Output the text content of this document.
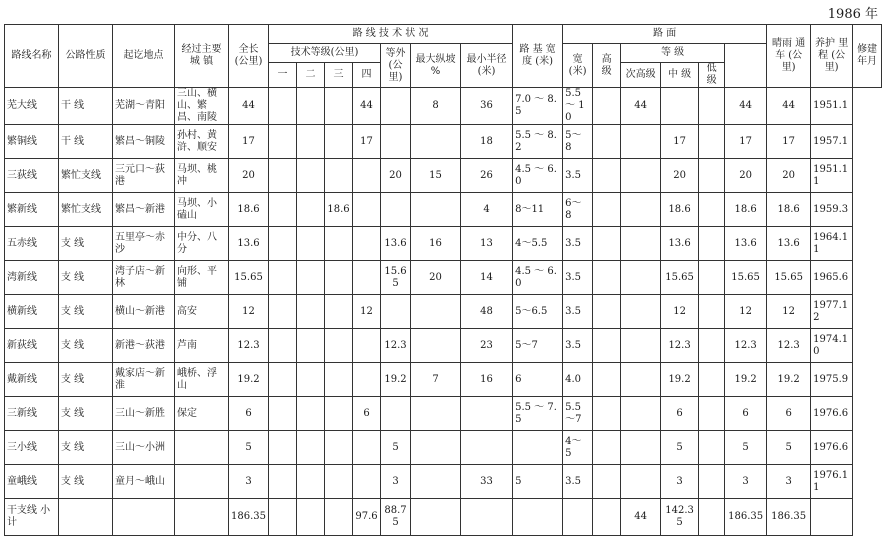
1986 年
路线名称	公路性质	起讫地点	经过主要城 镇	全长 (公里)	路 线 技 术 状 况							路 基 宽 度 (米)	路 面						晴雨 通车 (公里)	养护 里程 (公里)	修建 年月
					技术等级(公里)				等外 (公里)	最大纵坡 %	最小半径 (米)		宽 (米)	高 级	等 级						
					一	二	三	四							次高级	中 级	低 级				
芜大线	干 线	芜湖～青阳	三山、横山、繁昌、南陵	44				44		8	36	7.0 ～ 8.5	5.5 ～ 10		44			44	44	1951.1	
繁铜线	干 线	繁昌～铜陵	孙村、黄浒、顺安	17				17			18	5.5 ～ 8.2	5～ 8			17		17	17	1957.1	
三荻线	繁忙支线	三元口～荻港	马坝、桃冲	20					20	15	26	4.5 ～ 6.0	3.5			20		20	20	1951.11	
繁新线	繁忙支线	繁昌～新港	马坝、小磕山	18.6			18.6				4	8～11	6～ 8			18.6		18.6	18.6	1959.3	
五赤线	支 线	五里亭～赤沙	中分、八分	13.6					13.6	16	13	4～5.5	3.5			13.6		13.6	13.6	1964.11	
湾新线	支 线	湾子店～新林	向形、平铺	15.65					15.65	20	14	4.5 ～ 6.0	3.5			15.65		15.65	15.65	1965.6	
横新线	支 线	横山～新港	高安	12				12			48	5～6.5	3.5			12		12	12	1977.12	
新荻线	支 线	新港～荻港	芦南	12.3					12.3		23	5～7	3.5			12.3		12.3	12.3	1974.10	
戴新线	支 线	戴家店～新淮	峨桥、浮山	19.2					19.2	7	16	6	4.0			19.2		19.2	19.2	1975.9	
三新线	支 线	三山～新胜	保定	6				6				5.5 ～ 7.5	5.5 ～7			6		6	6	1976.6	
三小线	支 线	三山～小洲		5					5				4～ 5			5		5	5	1976.6	
童峨线	支 线	童月～峨山		3					3		33	5	3.5			3		3	3	1976.11	
干支线 小 计				186.35				97.6	88.75						44	142.35		186.35	186.35		
